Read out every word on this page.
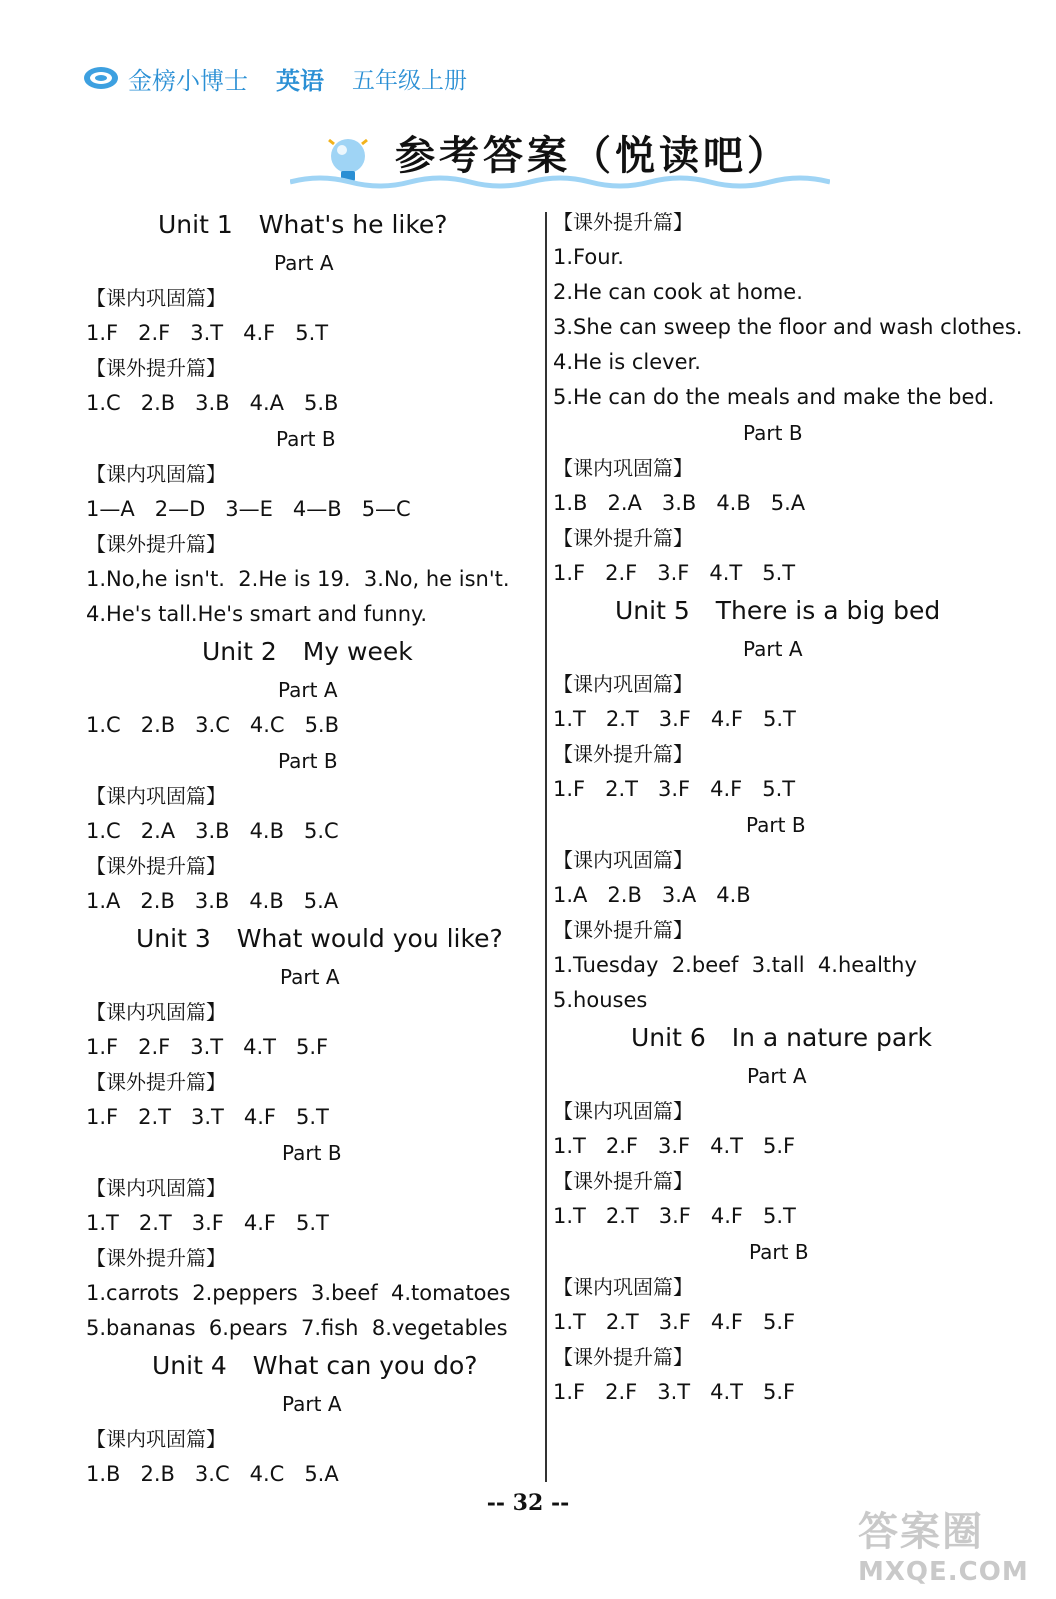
金榜小博士 英语 五年级上册
参考答案（悦读吧）
Unit 1 What's he like?
Part A
【课内巩固篇】
1.F 2.F 3.T 4.F 5.T
【课外提升篇】
1.C 2.B 3.B 4.A 5.B
Part B
【课内巩固篇】
1—A 2—D 3—E 4—B 5—C
【课外提升篇】
1.No,he isn't.  2.He is 19.  3.No, he isn't.
4.He's tall.He's smart and funny.
Unit 2 My week
Part A
1.C 2.B 3.C 4.C 5.B
Part B
【课内巩固篇】
1.C 2.A 3.B 4.B 5.C
【课外提升篇】
1.A 2.B 3.B 4.B 5.A
Unit 3 What would you like?
Part A
【课内巩固篇】
1.F 2.F 3.T 4.T 5.F
【课外提升篇】
1.F 2.T 3.T 4.F 5.T
Part B
【课内巩固篇】
1.T 2.T 3.F 4.F 5.T
【课外提升篇】
1.carrots  2.peppers  3.beef  4.tomatoes
5.bananas  6.pears  7.fish  8.vegetables
Unit 4 What can you do?
Part A
【课内巩固篇】
1.B 2.B 3.C 4.C 5.A
【课外提升篇】
1.Four.
2.He can cook at home.
3.She can sweep the floor and wash clothes.
4.He is clever.
5.He can do the meals and make the bed.
Part B
【课内巩固篇】
1.B 2.A 3.B 4.B 5.A
【课外提升篇】
1.F 2.F 3.F 4.T 5.T
Unit 5 There is a big bed
Part A
【课内巩固篇】
1.T 2.T 3.F 4.F 5.T
【课外提升篇】
1.F 2.T 3.F 4.F 5.T
Part B
【课内巩固篇】
1.A 2.B 3.A 4.B
【课外提升篇】
1.Tuesday  2.beef  3.tall  4.healthy
5.houses
Unit 6 In a nature park
Part A
【课内巩固篇】
1.T 2.F 3.F 4.T 5.F
【课外提升篇】
1.T 2.T 3.F 4.F 5.T
Part B
【课内巩固篇】
1.T 2.T 3.F 4.F 5.F
【课外提升篇】
1.F 2.F 3.T 4.T 5.F
-- 32 --
答案圈
MXQE.COM
